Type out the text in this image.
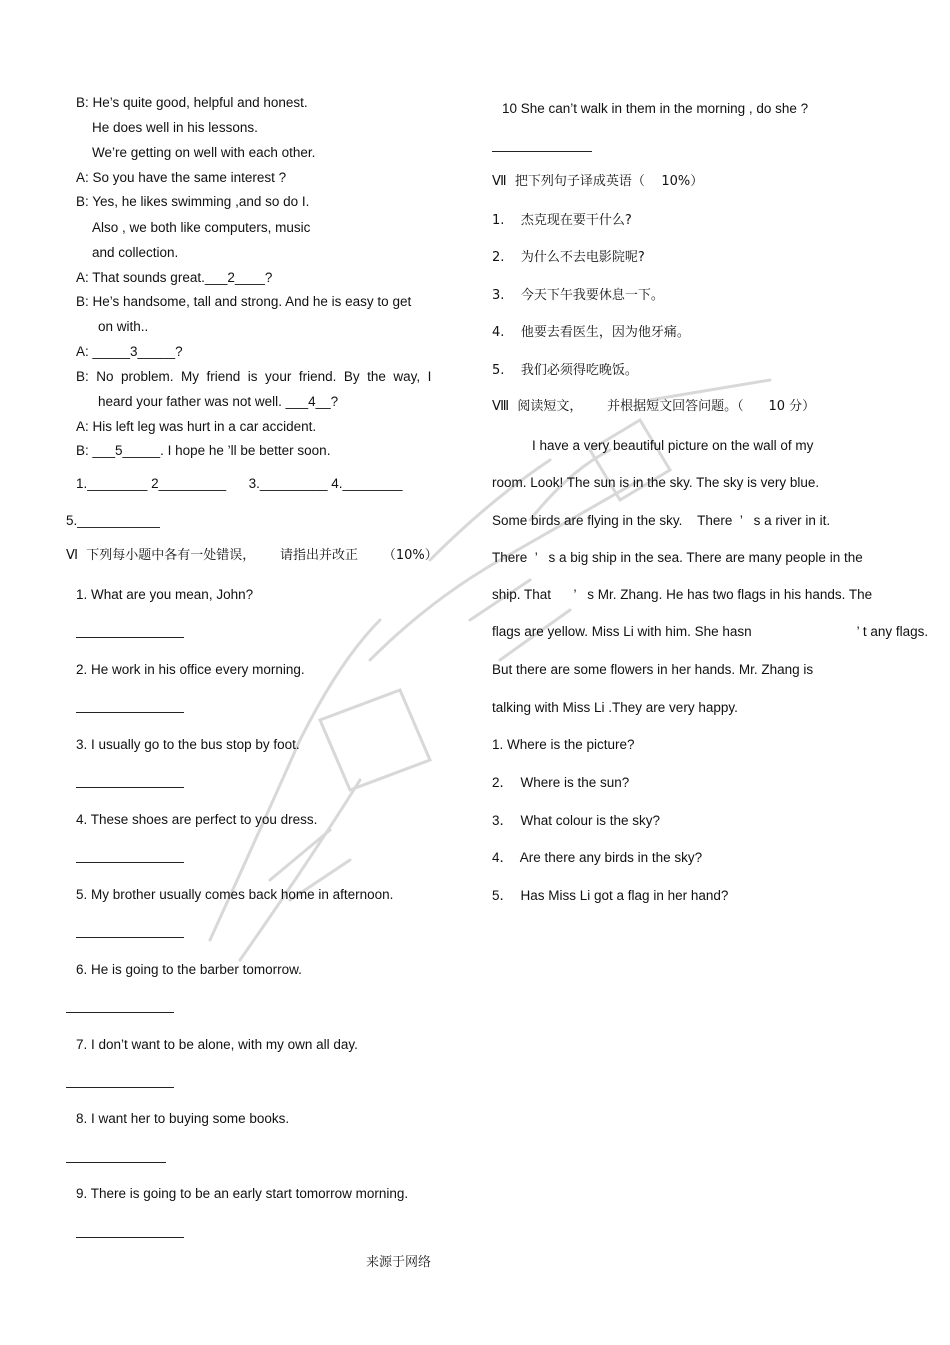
B: He’s quite good, helpful and honest.
He does well in his lessons.
We’re getting on well with each other.
A: So you have the same interest ?
B: Yes, he likes swimming ,and so do I.
Also , we both like computers, music
and collection.
A: That sounds great.___2____?
B: He’s handsome, tall and strong. And he is easy to get
on with..
A: _____3_____?
B:  No  problem.  My  friend  is  your  friend.  By  the  way,  I
heard your father was not well. ___4__?
A: His left leg was hurt in a car accident.
B: ___5_____. I hope he ’ll be better soon.
1.________ 2_________      3._________ 4.________
5.___________
Ⅵ  下列每小题中各有一处错误，      请指出并改正      （10%）
1. What are you mean, John?
2. He work in his office every morning.
3. I usually go to the bus stop by foot.
4. These shoes are perfect to you dress.
5. My brother usually comes back home in afternoon.
6. He is going to the barber tomorrow.
7. I don’t want to be alone, with my own all day.
8. I want her to buying some books.
9. There is going to be an early start tomorrow morning.
10 She can’t walk in them in the morning , do she ?
Ⅶ  把下列句子译成英语（    10%）
1.    杰克现在要干什么?
2.    为什么不去电影院呢?
3.    今天下午我要休息一下。
4.    他要去看医生，因为他牙痛。
5.    我们必须得吃晚饭。
Ⅷ  阅读短文，      并根据短文回答问题。（      10 分）
I have a very beautiful picture on the wall of my
room. Look! The sun is in the sky. The sky is very blue.
Some birds are flying in the sky.    There  ’   s a river in it.
There  ’   s a big ship in the sea. There are many people in the
ship. That      ’   s Mr. Zhang. He has two flags in his hands. The
flags are yellow. Miss Li with him. She hasn                            ’ t any flags.
But there are some flowers in her hands. Mr. Zhang is
talking with Miss Li .They are very happy.
1. Where is the picture?
2．  Where is the sun?
3．  What colour is the sky?
4．  Are there any birds in the sky?
5．  Has Miss Li got a flag in her hand?
来源于网络
